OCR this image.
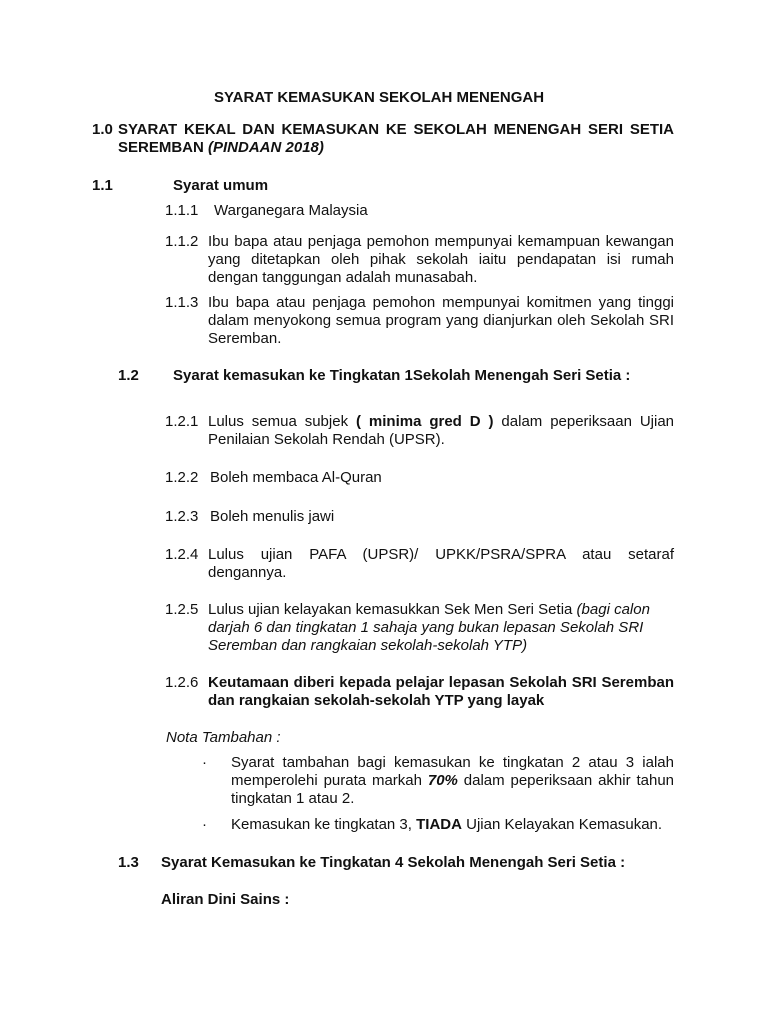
SYARAT KEMASUKAN SEKOLAH MENENGAH
1.0 SYARAT KEKAL DAN KEMASUKAN KE SEKOLAH MENENGAH SERI SETIA SEREMBAN (PINDAAN 2018)
1.1	Syarat umum
1.1.1 Warganegara Malaysia
1.1.2 Ibu bapa atau penjaga pemohon mempunyai kemampuan kewangan yang ditetapkan oleh pihak sekolah iaitu pendapatan isi rumah dengan tanggungan adalah munasabah.
1.1.3 Ibu bapa atau penjaga pemohon mempunyai komitmen yang tinggi dalam menyokong semua program yang dianjurkan oleh Sekolah SRI Seremban.
1.2 Syarat kemasukan ke Tingkatan 1Sekolah Menengah Seri Setia :
1.2.1 Lulus semua subjek ( minima gred D ) dalam peperiksaan Ujian Penilaian Sekolah Rendah (UPSR).
1.2.2 Boleh membaca Al-Quran
1.2.3 Boleh menulis jawi
1.2.4 Lulus ujian PAFA (UPSR)/ UPKK/PSRA/SPRA atau setaraf dengannya.
1.2.5 Lulus ujian kelayakan kemasukkan Sek Men Seri Setia (bagi calon darjah 6 dan tingkatan 1 sahaja yang bukan lepasan Sekolah SRI Seremban dan rangkaian sekolah-sekolah YTP)
1.2.6 Keutamaan diberi kepada pelajar lepasan Sekolah SRI Seremban dan rangkaian sekolah-sekolah YTP yang layak
Nota Tambahan :
· Syarat tambahan bagi kemasukan ke tingkatan 2 atau 3 ialah memperolehi purata markah 70% dalam peperiksaan akhir tahun tingkatan 1 atau 2.
· Kemasukan ke tingkatan 3, TIADA Ujian Kelayakan Kemasukan.
1.3 Syarat Kemasukan ke Tingkatan 4 Sekolah Menengah Seri Setia :
Aliran Dini Sains :
